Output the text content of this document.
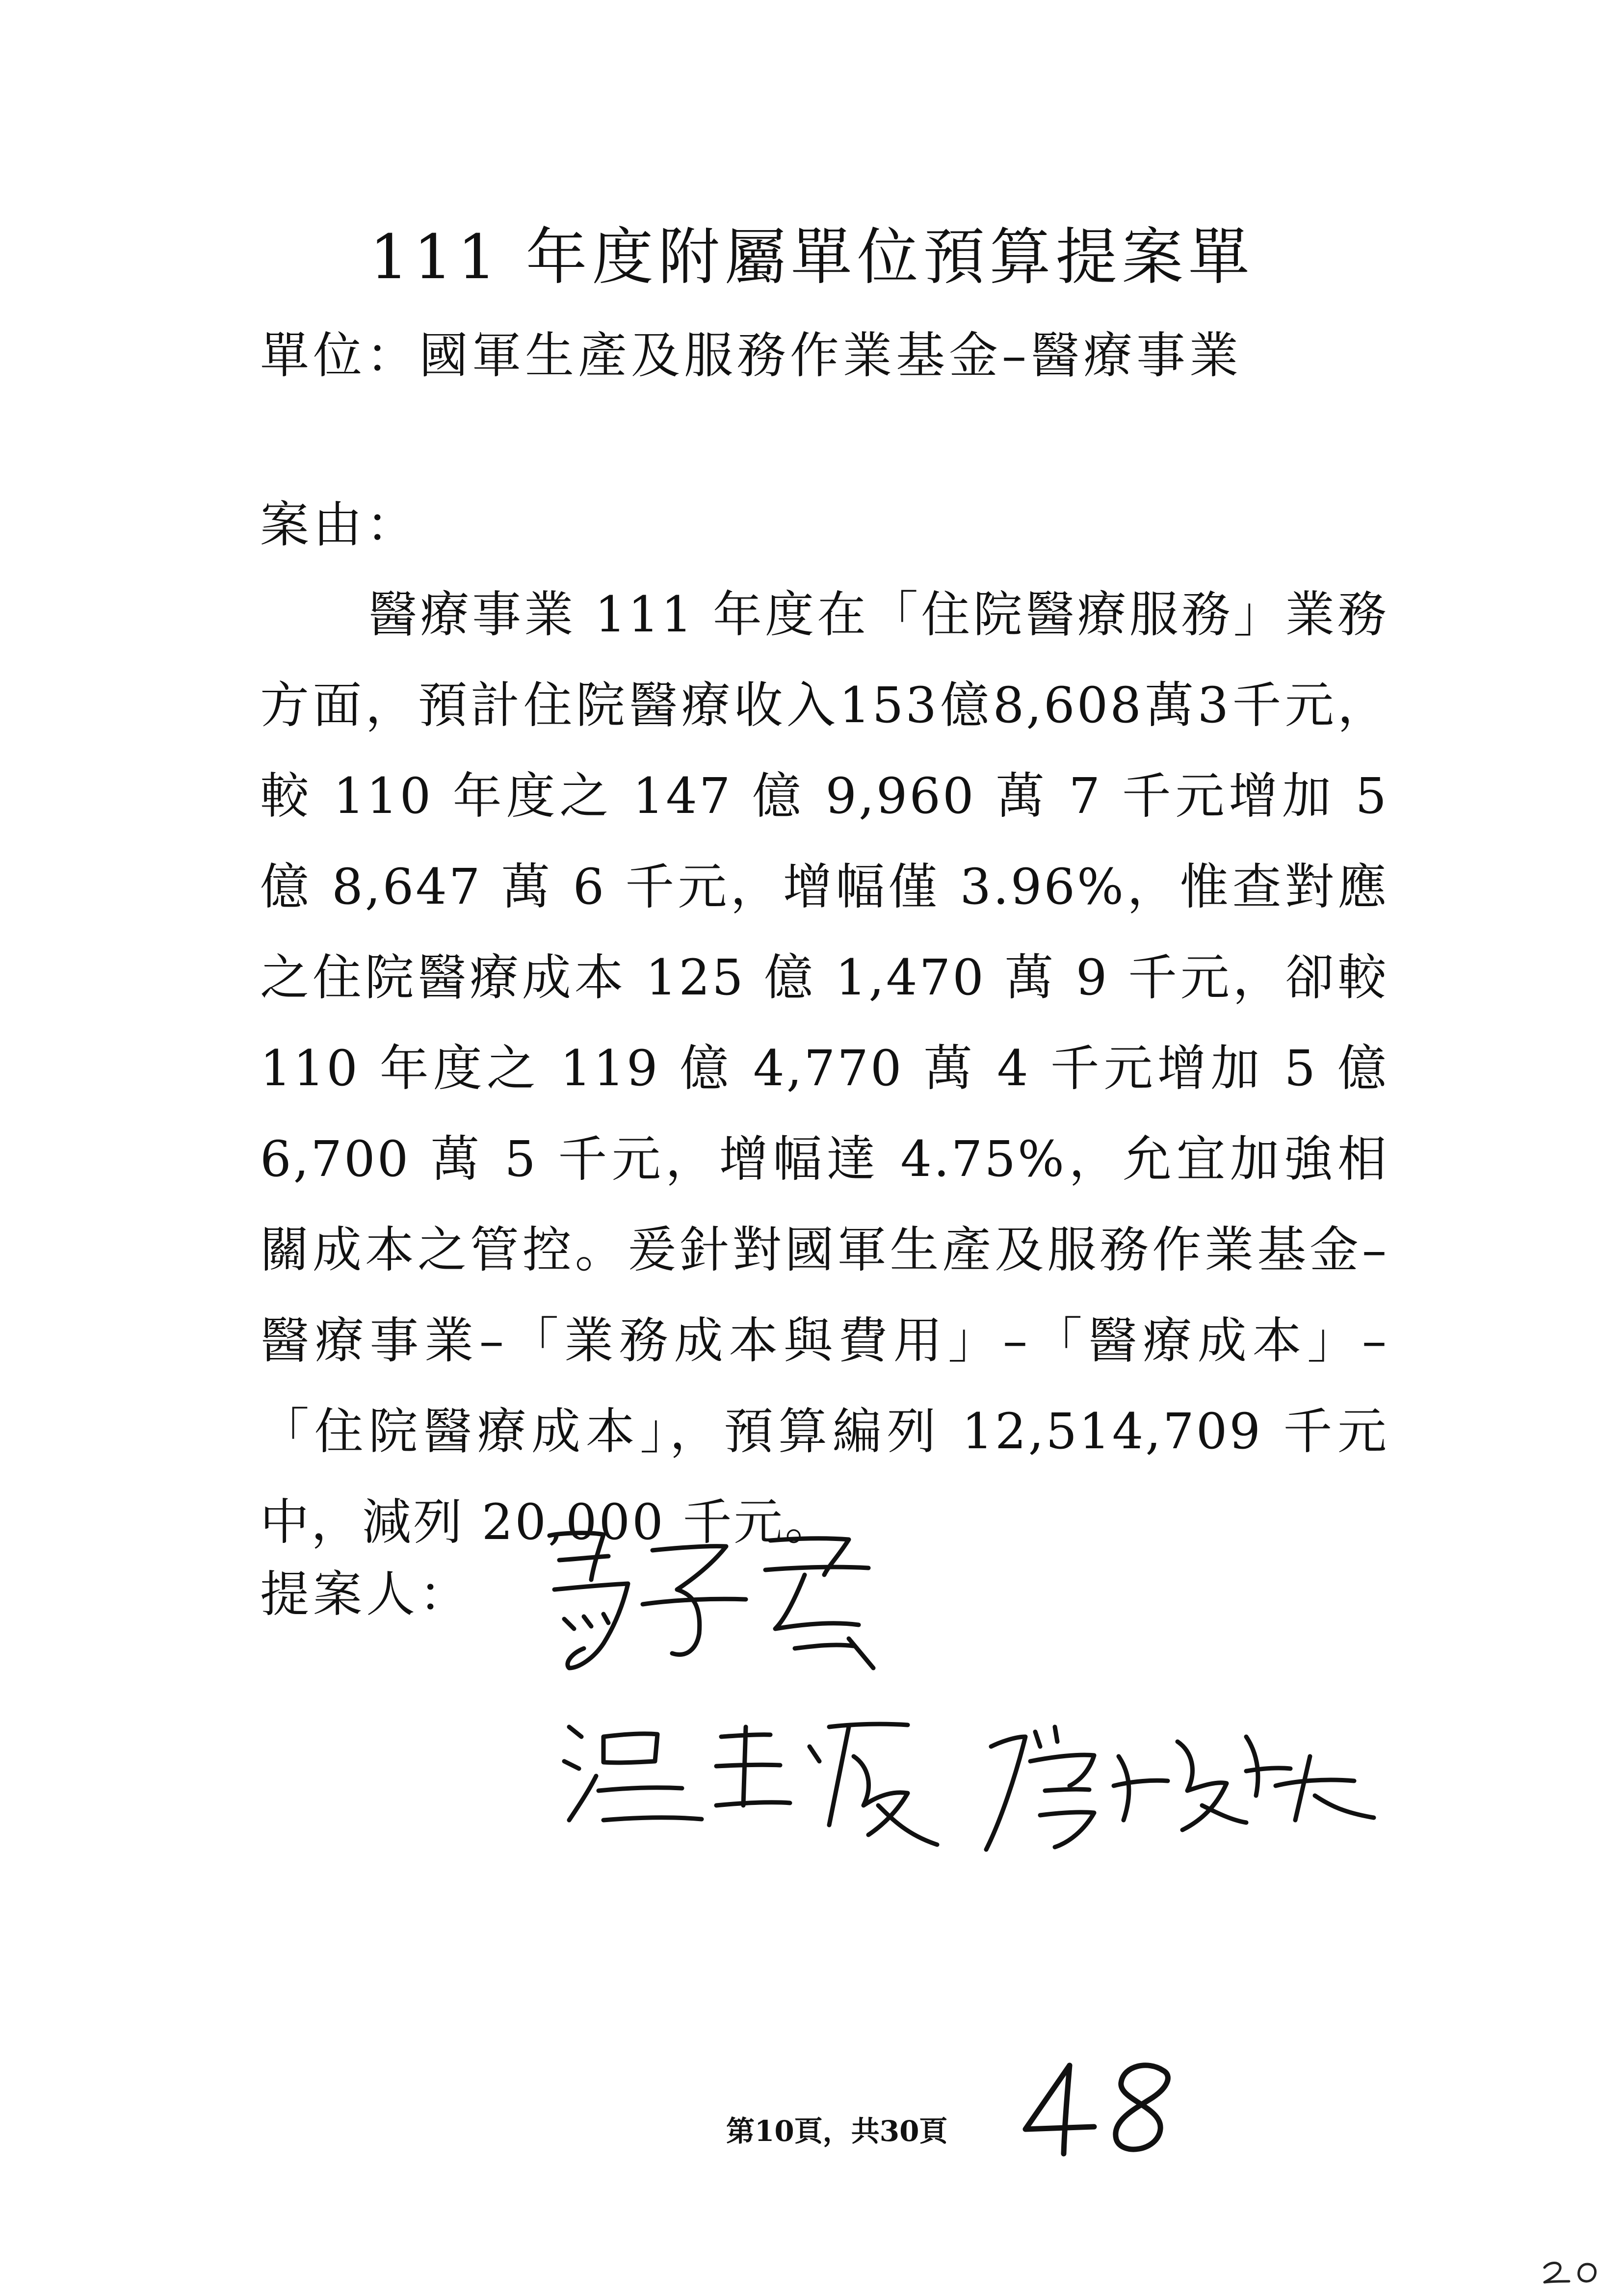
111 年度附屬單位預算提案單
單位：國軍生產及服務作業基金–醫療事業
案由：
醫療事業 111 年度在「住院醫療服務」業務方面，預計住院醫療收入153億8,608萬3千元，較 110 年度之 147 億 9,960 萬 7 千元增加 5 億 8,647 萬 6 千元，增幅僅 3.96%，惟查對應之住院醫療成本 125 億 1,470 萬 9 千元，卻較 110 年度之 119 億 4,770 萬 4 千元增加 5 億 6,700 萬 5 千元，增幅達 4.75%，允宜加強相關成本之管控。爰針對國軍生產及服務作業基金–醫療事業–「業務成本與費用」–「醫療成本」–「住院醫療成本」，預算編列 12,514,709 千元中，減列 20,000 千元。
提案人：
第10頁，共30頁
